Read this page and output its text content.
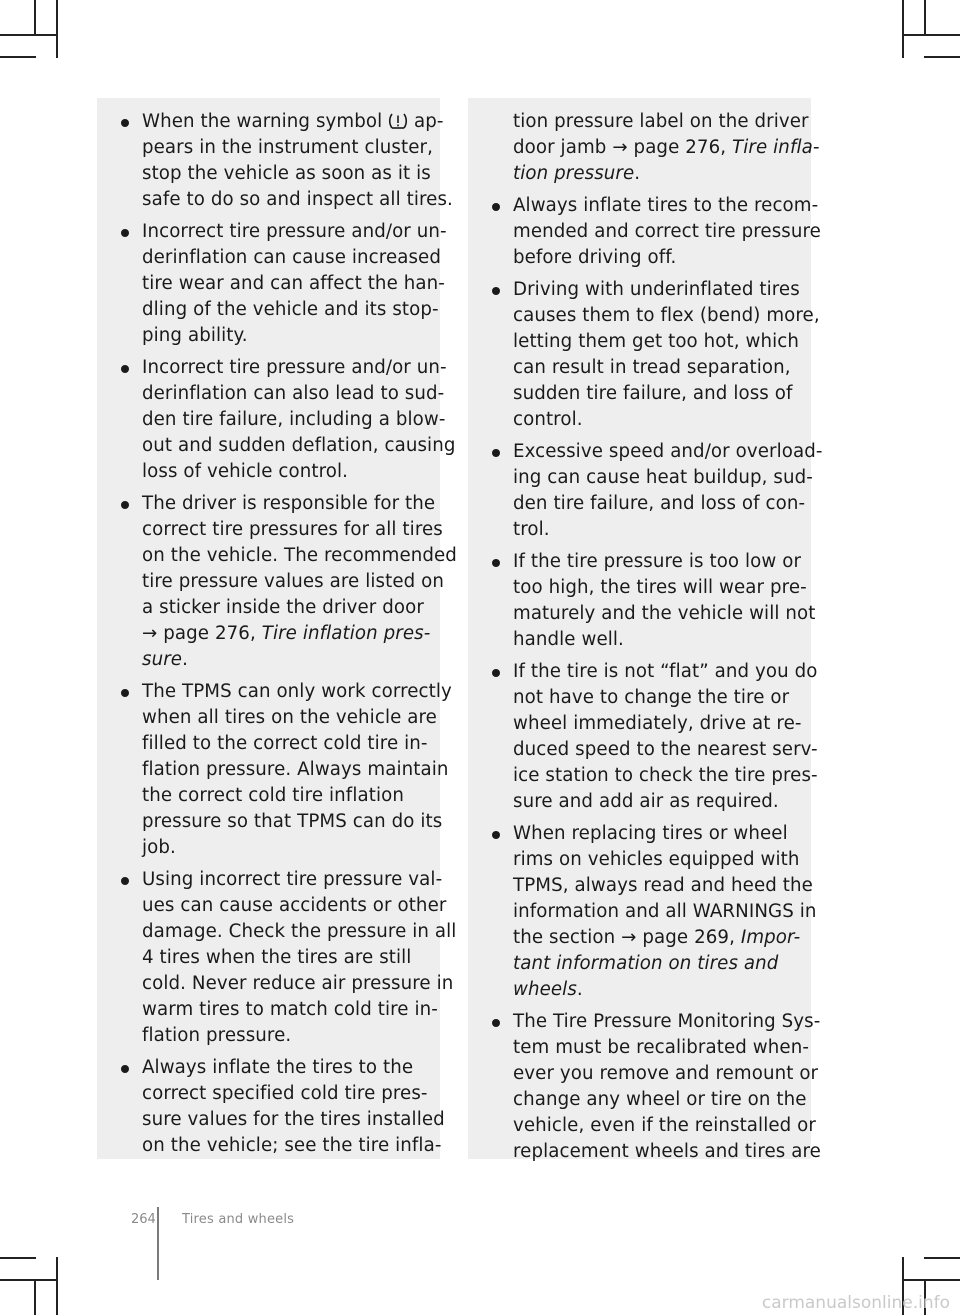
When the warning symbol  ap-
pears in the instrument cluster,
stop the vehicle as soon as it is
safe to do so and inspect all tires.
Incorrect tire pressure and/or un-
derinflation can cause increased
tire wear and can affect the han-
dling of the vehicle and its stop-
ping ability.
Incorrect tire pressure and/or un-
derinflation can also lead to sud-
den tire failure, including a blow-
out and sudden deflation, causing
loss of vehicle control.
The driver is responsible for the
correct tire pressures for all tires
on the vehicle. The recommended
tire pressure values are listed on
a sticker inside the driver door
→ page 276, Tire inflation pres-
sure.
The TPMS can only work correctly
when all tires on the vehicle are
filled to the correct cold tire in-
flation pressure. Always maintain
the correct cold tire inflation
pressure so that TPMS can do its
job.
Using incorrect tire pressure val-
ues can cause accidents or other
damage. Check the pressure in all
4 tires when the tires are still
cold. Never reduce air pressure in
warm tires to match cold tire in-
flation pressure.
Always inflate the tires to the
correct specified cold tire pres-
sure values for the tires installed
on the vehicle; see the tire infla-
tion pressure label on the driver
door jamb → page 276, Tire infla-
tion pressure.
Always inflate tires to the recom-
mended and correct tire pressure
before driving off.
Driving with underinflated tires
causes them to flex (bend) more,
letting them get too hot, which
can result in tread separation,
sudden tire failure, and loss of
control.
Excessive speed and/or overload-
ing can cause heat buildup, sud-
den tire failure, and loss of con-
trol.
If the tire pressure is too low or
too high, the tires will wear pre-
maturely and the vehicle will not
handle well.
If the tire is not “flat” and you do
not have to change the tire or
wheel immediately, drive at re-
duced speed to the nearest serv-
ice station to check the tire pres-
sure and add air as required.
When replacing tires or wheel
rims on vehicles equipped with
TPMS, always read and heed the
information and all WARNINGS in
the section → page 269, Impor-
tant information on tires and
wheels.
The Tire Pressure Monitoring Sys-
tem must be recalibrated when-
ever you remove and remount or
change any wheel or tire on the
vehicle, even if the reinstalled or
replacement wheels and tires are
264 Tires and wheels
carmanualsonline.info
